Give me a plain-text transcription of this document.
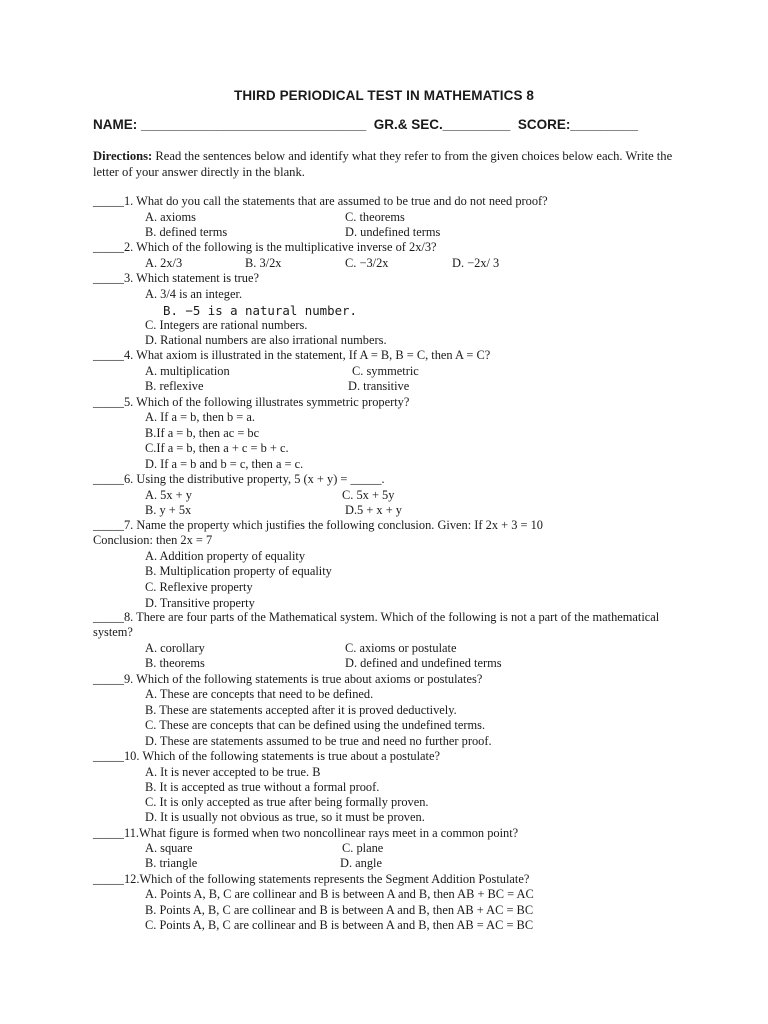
THIRD PERIODICAL TEST IN MATHEMATICS 8
NAME: ______________________________ GR.& SEC._________ SCORE:_________
Directions: Read the sentences below and identify what they refer to from the given choices below each. Write the letter of your answer directly in the blank.
_____1. What do you call the statements that are assumed to be true and do not need proof?
A. axioms	C. theorems
B. defined terms	D. undefined terms
_____2. Which of the following is the multiplicative inverse of 2x/3?
A. 2x/3	B. 3/2x	C. −3/2x	D. −2x/ 3
_____3. Which statement is true?
A. 3/4 is an integer.
B. −5 is a natural number.
C. Integers are rational numbers.
D. Rational numbers are also irrational numbers.
_____4. What axiom is illustrated in the statement, If A = B, B = C, then A = C?
A. multiplication	C. symmetric
B. reflexive	D. transitive
_____5. Which of the following illustrates symmetric property?
A. If a = b, then b = a.
B.If a = b, then ac = bc
C.If a = b, then a + c = b + c.
D. If a = b and b = c, then a = c.
_____6. Using the distributive property, 5 (x + y) = _____.
A. 5x + y	C. 5x + 5y
B. y + 5x	D.5 + x + y
_____7. Name the property which justifies the following conclusion. Given: If 2x + 3 = 10
Conclusion: then 2x = 7
A. Addition property of equality
B. Multiplication property of equality
C. Reflexive property
D. Transitive property
_____8. There are four parts of the Mathematical system. Which of the following is not a part of the mathematical system?
A. corollary	C. axioms or postulate
B. theorems	D. defined and undefined terms
_____9. Which of the following statements is true about axioms or postulates?
A. These are concepts that need to be defined.
B. These are statements accepted after it is proved deductively.
C. These are concepts that can be defined using the undefined terms.
D. These are statements assumed to be true and need no further proof.
_____10. Which of the following statements is true about a postulate?
A. It is never accepted to be true. B
B. It is accepted as true without a formal proof.
C. It is only accepted as true after being formally proven.
D. It is usually not obvious as true, so it must be proven.
_____11.What figure is formed when two noncollinear rays meet in a common point?
A. square	C. plane
B. triangle	D. angle
_____12.Which of the following statements represents the Segment Addition Postulate?
A. Points A, B, C are collinear and B is between A and B, then AB + BC = AC
B. Points A, B, C are collinear and B is between A and B, then AB + AC = BC
C. Points A, B, C are collinear and B is between A and B, then AB = AC = BC
